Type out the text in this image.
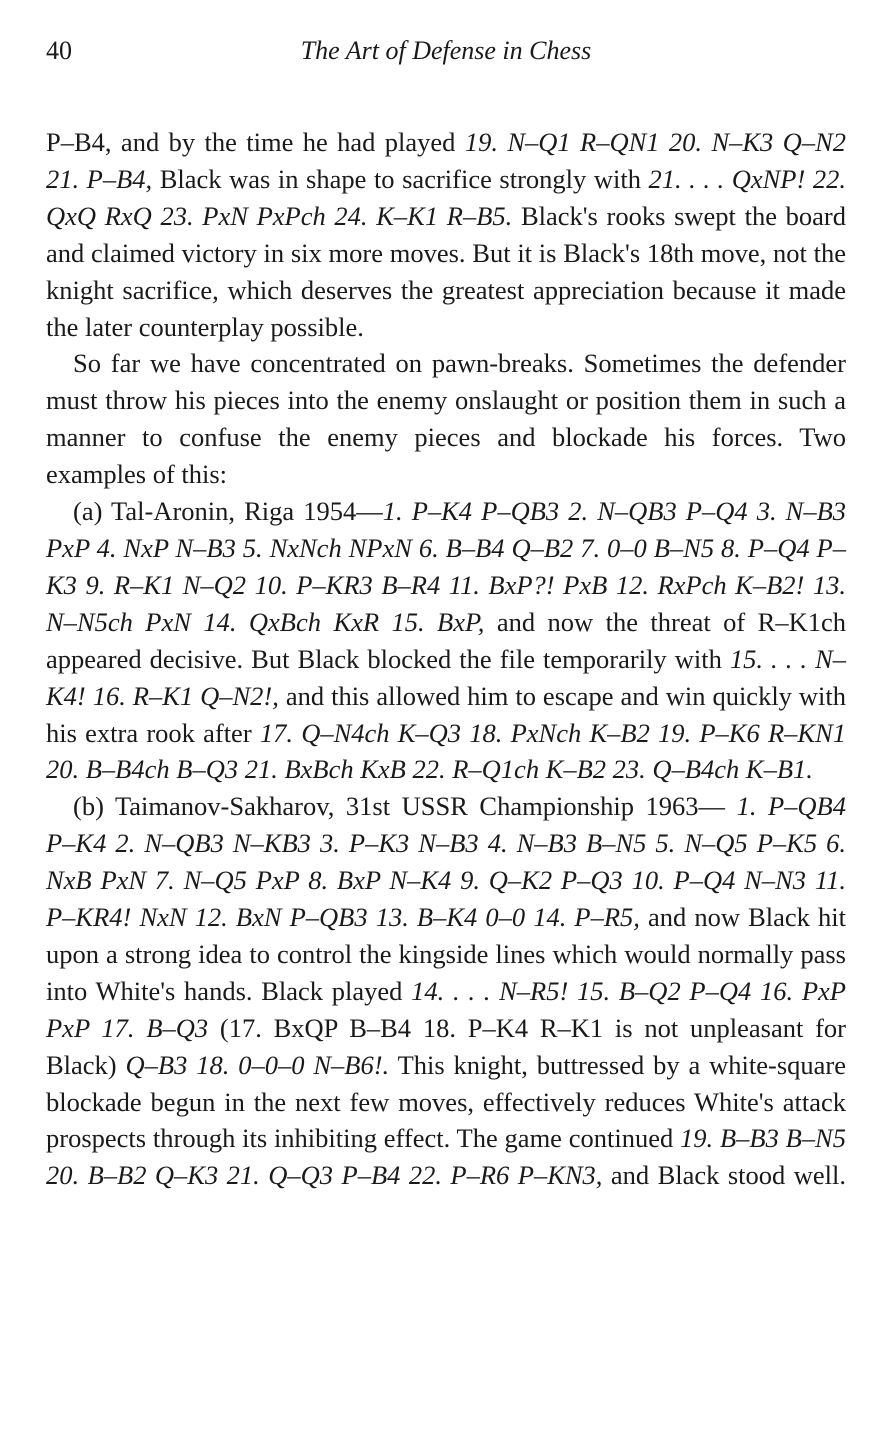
40	The Art of Defense in Chess

P–B4, and by the time he had played 19. N–Q1 R–QN1 20. N–K3 Q–N2 21. P–B4, Black was in shape to sacrifice strongly with 21. . . . QxNP! 22. QxQ RxQ 23. PxN PxPch 24. K–K1 R–B5. Black's rooks swept the board and claimed victory in six more moves. But it is Black's 18th move, not the knight sacrifice, which deserves the greatest appreciation because it made the later counterplay possible.

So far we have concentrated on pawn-breaks. Sometimes the defender must throw his pieces into the enemy onslaught or position them in such a manner to confuse the enemy pieces and blockade his forces. Two examples of this:

(a) Tal-Aronin, Riga 1954—1. P–K4 P–QB3 2. N–QB3 P–Q4 3. N–B3 PxP 4. NxP N–B3 5. NxNch NPxN 6. B–B4 Q–B2 7. 0–0 B–N5 8. P–Q4 P–K3 9. R–K1 N–Q2 10. P–KR3 B–R4 11. BxP?! PxB 12. RxPch K–B2! 13. N–N5ch PxN 14. QxBch KxR 15. BxP, and now the threat of R–K1ch appeared decisive. But Black blocked the file temporarily with 15. . . . N–K4! 16. R–K1 Q–N2!, and this allowed him to escape and win quickly with his extra rook after 17. Q–N4ch K–Q3 18. PxNch K–B2 19. P–K6 R–KN1 20. B–B4ch B–Q3 21. BxBch KxB 22. R–Q1ch K–B2 23. Q–B4ch K–B1.

(b) Taimanov-Sakharov, 31st USSR Championship 1963— 1. P–QB4 P–K4 2. N–QB3 N–KB3 3. P–K3 N–B3 4. N–B3 B–N5 5. N–Q5 P–K5 6. NxB PxN 7. N–Q5 PxP 8. BxP N–K4 9. Q–K2 P–Q3 10. P–Q4 N–N3 11. P–KR4! NxN 12. BxN P–QB3 13. B–K4 0–0 14. P–R5, and now Black hit upon a strong idea to control the kingside lines which would normally pass into White's hands. Black played 14. . . . N–R5! 15. B–Q2 P–Q4 16. PxP PxP 17. B–Q3 (17. BxQP B–B4 18. P–K4 R–K1 is not unpleasant for Black) Q–B3 18. 0–0–0 N–B6!. This knight, buttressed by a white-square blockade begun in the next few moves, effectively reduces White's attack prospects through its inhibiting effect. The game continued 19. B–B3 B–N5 20. B–B2 Q–K3 21. Q–Q3 P–B4 22. P–R6 P–KN3, and Black stood well.
